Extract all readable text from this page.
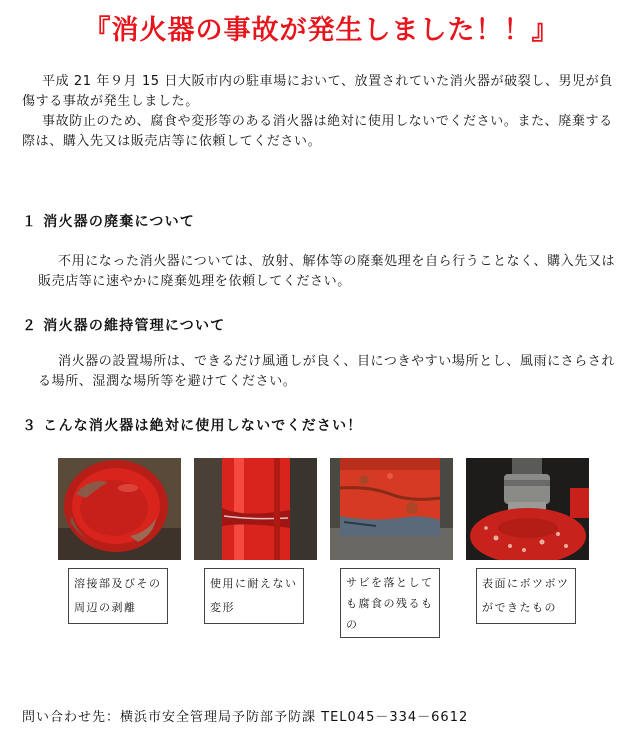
『消火器の事故が発生しました！！』

平成 21 年９月 15 日大阪市内の駐車場において、放置されていた消火器が破裂し、男児が負傷する事故が発生しました。

事故防止のため、腐食や変形等のある消火器は絶対に使用しないでください。また、廃棄する際は、購入先又は販売店等に依頼してください。

１ 消火器の廃棄について

不用になった消火器については、放射、解体等の廃棄処理を自ら行うことなく、購入先又は販売店等に速やかに廃棄処理を依頼してください。

２ 消火器の維持管理について

消火器の設置場所は、できるだけ風通しが良く、目につきやすい場所とし、風雨にさらされる場所、湿潤な場所等を避けてください。

３ こんな消火器は絶対に使用しないでください！
溶接部及びその周辺の剥離
使用に耐えない変形
サビを落としても腐食の残るもの
表面にボツボツができたもの

問い合わせ先：横浜市安全管理局予防部予防課 TEL045－334－6612
